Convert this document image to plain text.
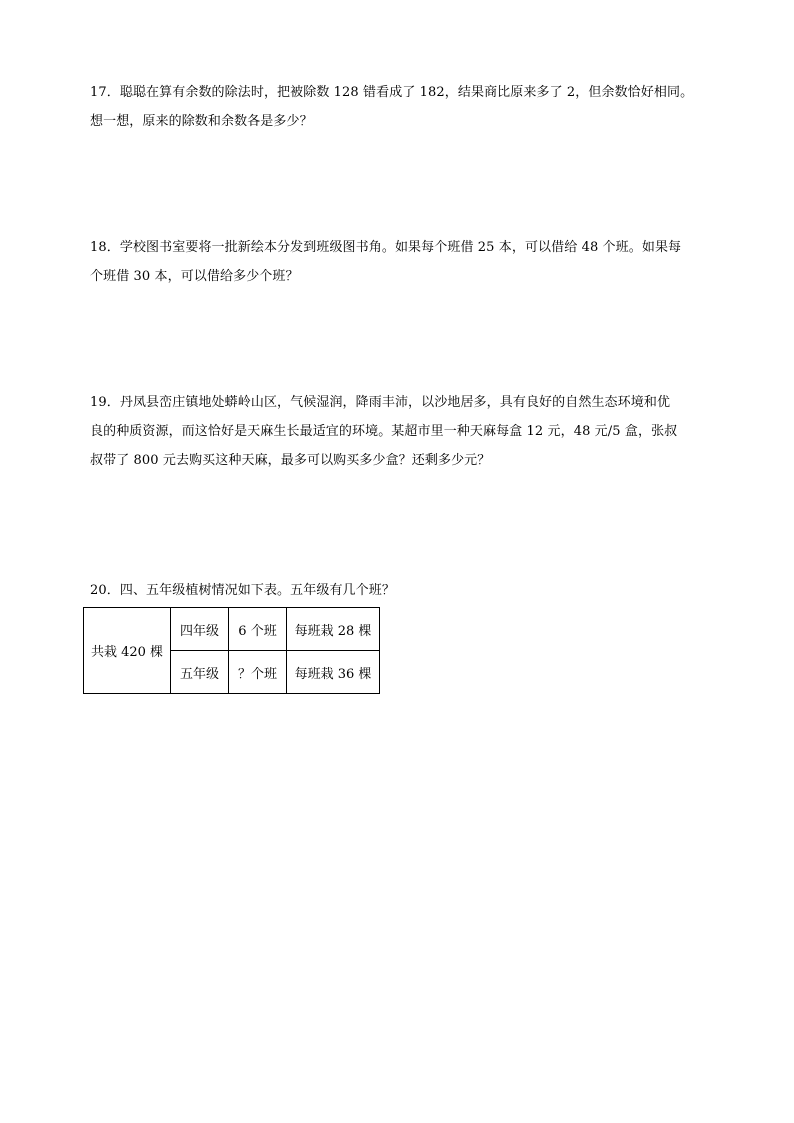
17．聪聪在算有余数的除法时，把被除数 128 错看成了 182，结果商比原来多了 2，但余数恰好相同。
想一想，原来的除数和余数各是多少？
18．学校图书室要将一批新绘本分发到班级图书角。如果每个班借 25 本，可以借给 48 个班。如果每
个班借 30 本，可以借给多少个班？
19．丹凤县峦庄镇地处蟒岭山区，气候湿润，降雨丰沛，以沙地居多，具有良好的自然生态环境和优
良的种质资源，而这恰好是天麻生长最适宜的环境。某超市里一种天麻每盒 12 元，48 元/5 盒，张叔
叔带了 800 元去购买这种天麻，最多可以购买多少盒？还剩多少元？
20．四、五年级植树情况如下表。五年级有几个班？
共栽 420 棵	四年级	6 个班	每班栽 28 棵
	五年级	？个班	每班栽 36 棵
